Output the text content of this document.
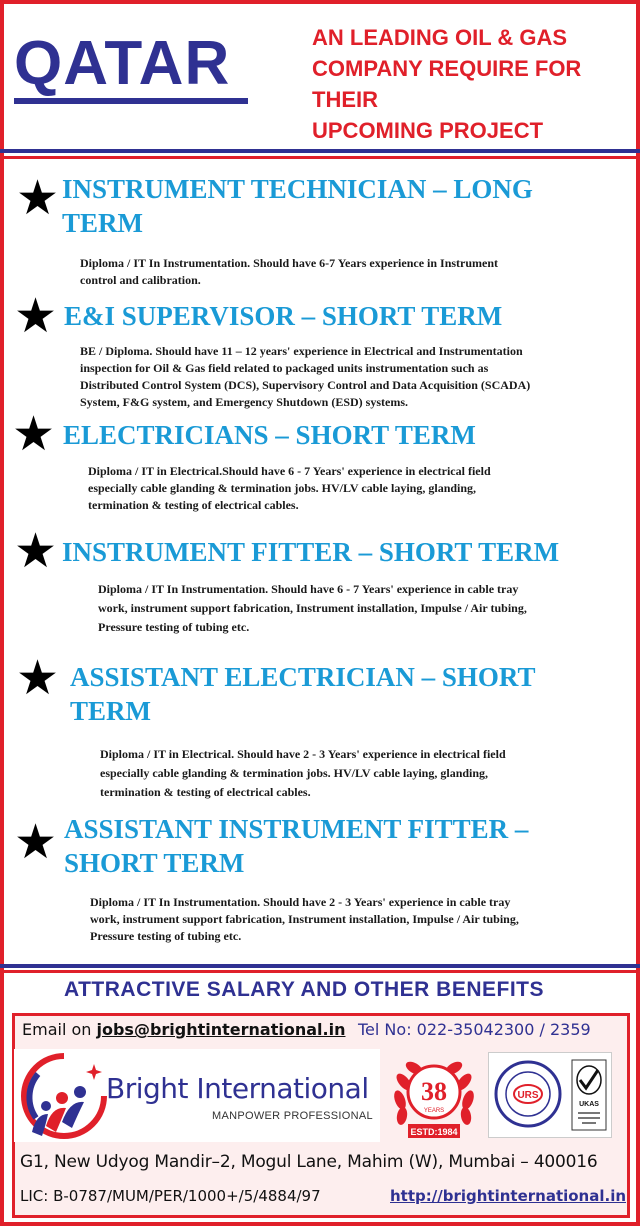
QATAR	AN LEADING OIL & GAS
COMPANY REQUIRE FOR
THEIR
UPCOMING PROJECT
★ INSTRUMENT TECHNICIAN – LONG
TERM
Diploma / IT In Instrumentation. Should have 6-7 Years experience in Instrument
control and calibration.
★ E&I SUPERVISOR – SHORT TERM
BE / Diploma. Should have 11 – 12 years' experience in Electrical and Instrumentation
inspection for Oil & Gas field related to packaged units instrumentation such as
Distributed Control System (DCS), Supervisory Control and Data Acquisition (SCADA)
System, F&G system, and Emergency Shutdown (ESD) systems.
★ ELECTRICIANS – SHORT TERM
Diploma / IT in Electrical.Should have 6 - 7 Years' experience in electrical field
especially cable glanding & termination jobs. HV/LV cable laying, glanding,
termination & testing of electrical cables.
★ INSTRUMENT FITTER – SHORT TERM
Diploma / IT In Instrumentation. Should have 6 - 7 Years' experience in cable tray
work, instrument support fabrication, Instrument installation, Impulse / Air tubing,
Pressure testing of tubing etc.
★ ASSISTANT ELECTRICIAN – SHORT
TERM
Diploma / IT in Electrical. Should have 2 - 3 Years' experience in electrical field
especially cable glanding & termination jobs. HV/LV cable laying, glanding,
termination & testing of electrical cables.
★ ASSISTANT INSTRUMENT FITTER –
SHORT TERM
Diploma / IT In Instrumentation. Should have 2 - 3 Years' experience in cable tray
work, instrument support fabrication, Instrument installation, Impulse / Air tubing,
Pressure testing of tubing etc.
ATTRACTIVE SALARY AND OTHER BENEFITS
Email on jobs@brightinternational.in Tel No: 022-35042300 / 2359
Bright International
MANPOWER PROFESSIONAL
38
YEARS
ESTD:1984
URS
UKAS
G1, New Udyog Mandir–2, Mogul Lane, Mahim (W), Mumbai – 400016
LIC: B-0787/MUM/PER/1000+/5/4884/97	http://brightinternational.in
